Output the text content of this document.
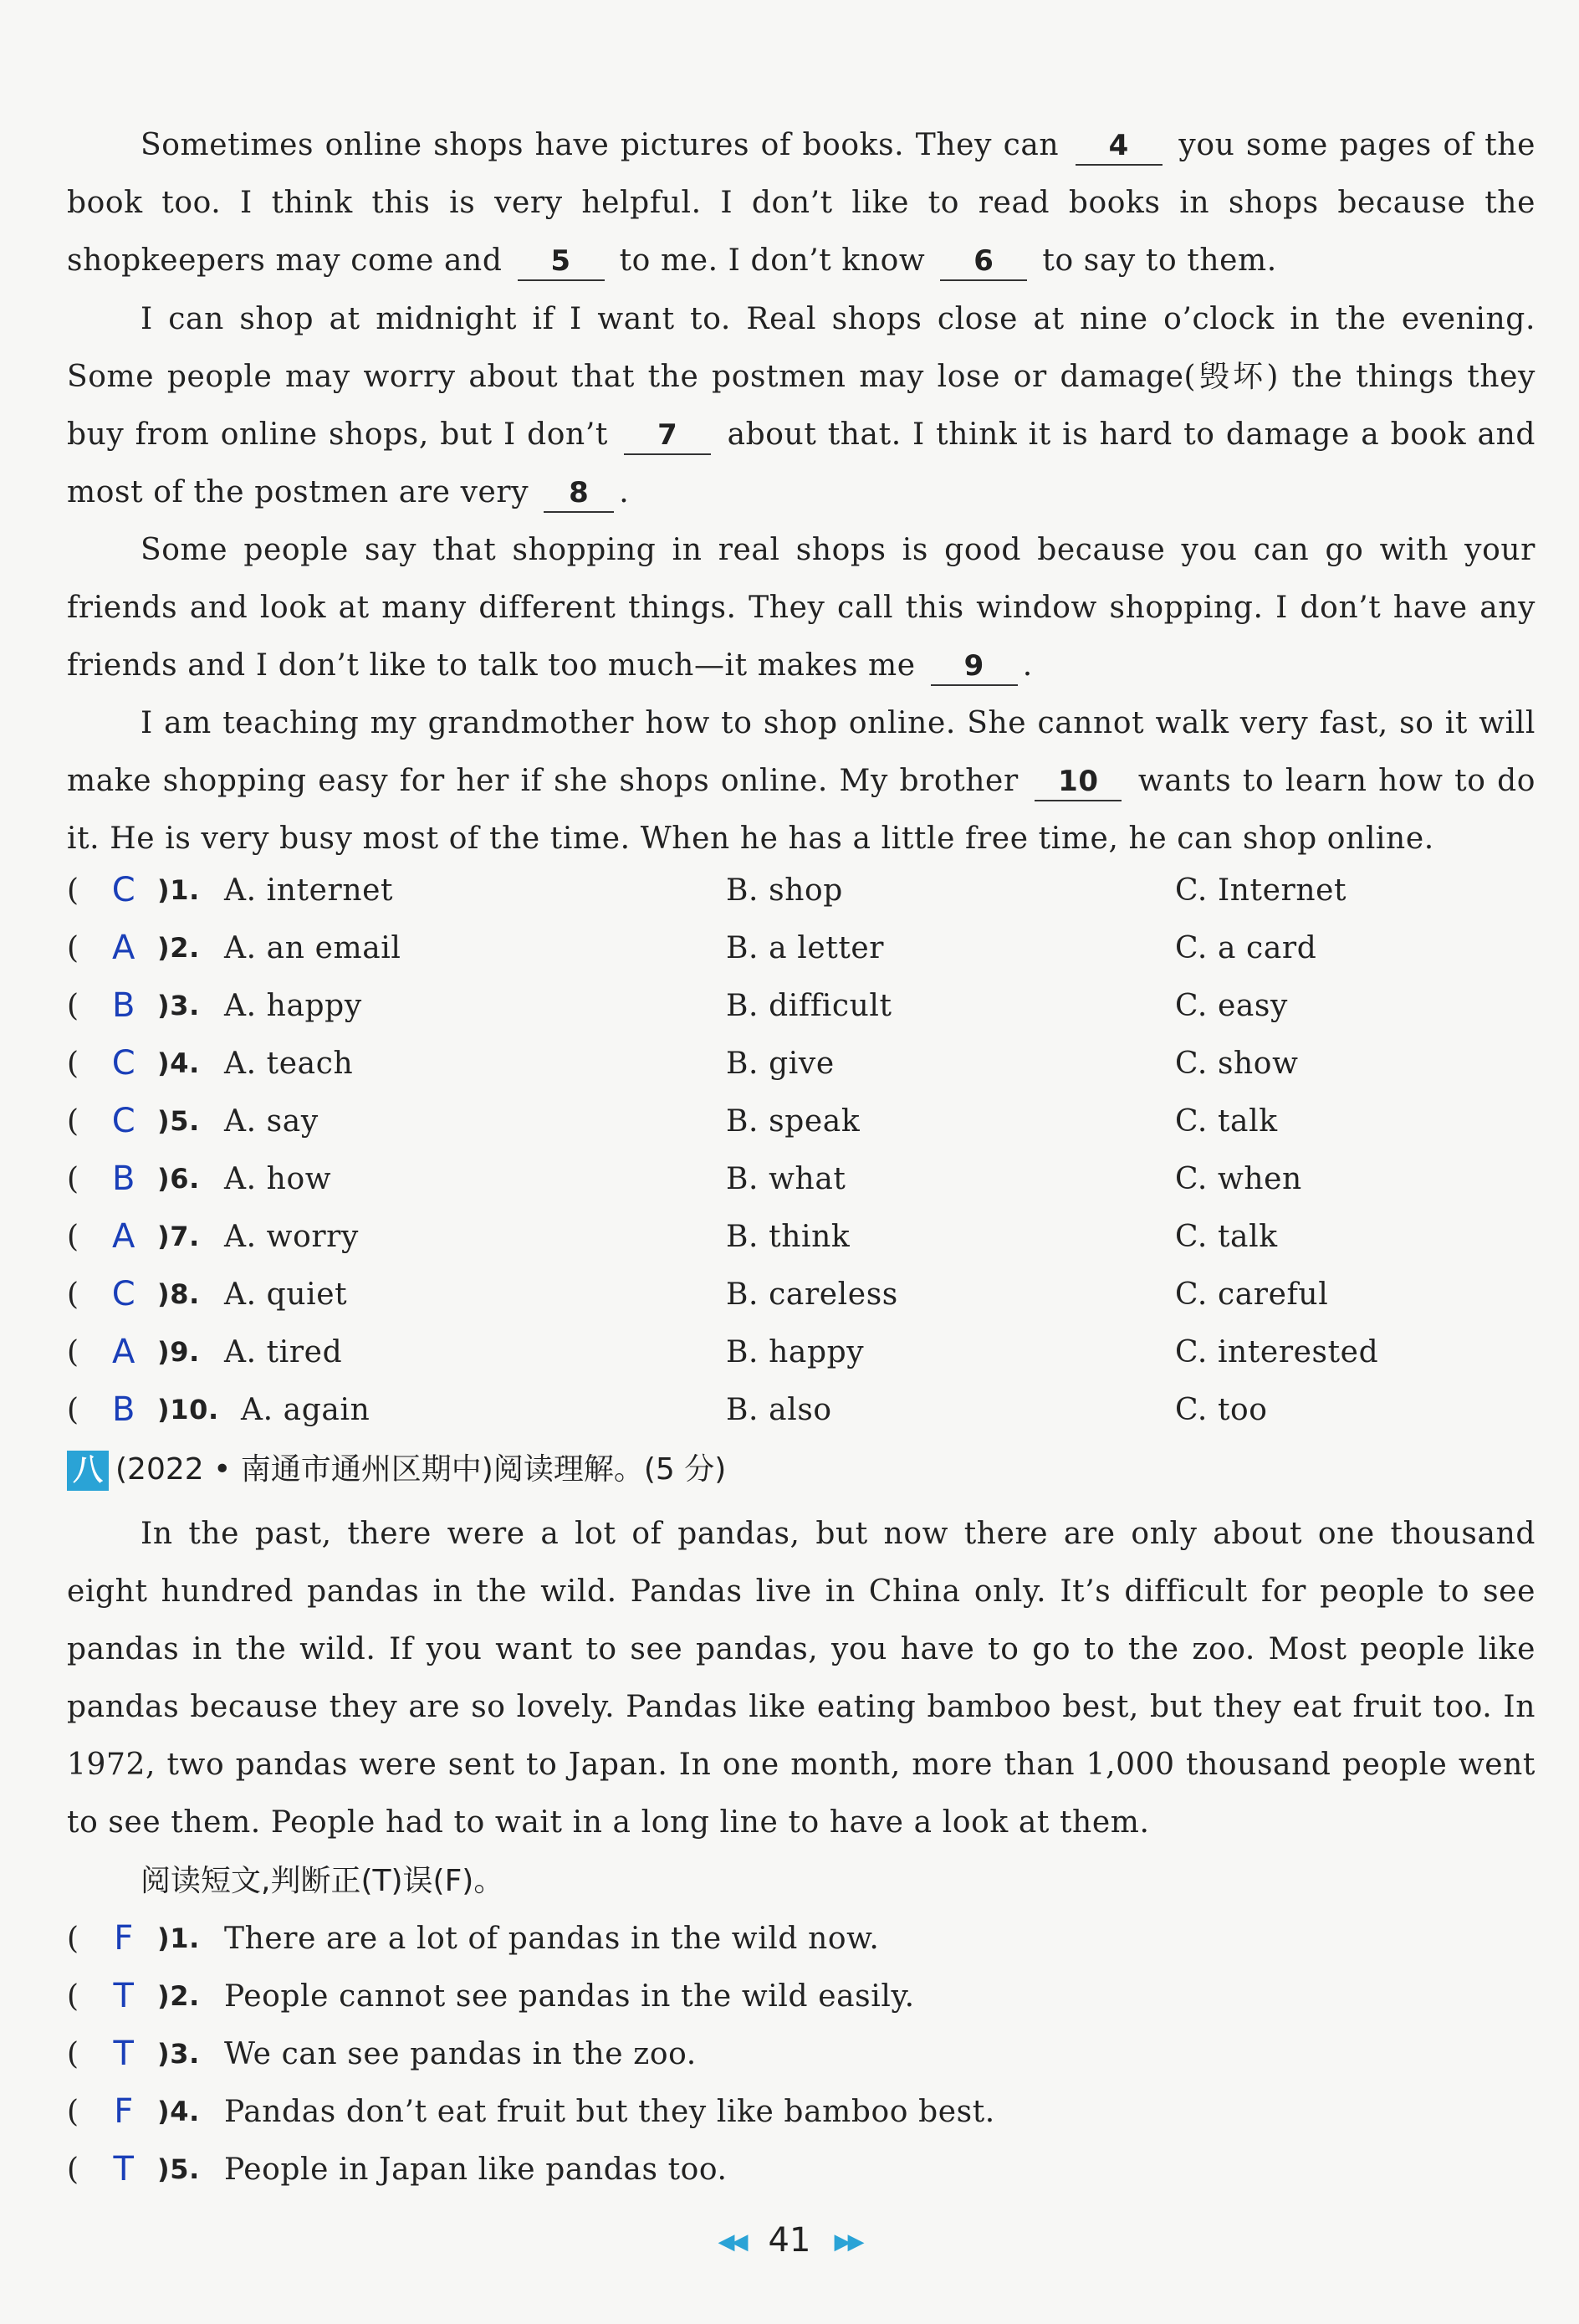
Sometimes online shops have pictures of books. They can 4 you some pages of the book too. I think this is very helpful. I don’t like to read books in shops because the shopkeepers may come and 5 to me. I don’t know 6 to say to them.
I can shop at midnight if I want to. Real shops close at nine o’clock in the evening. Some people may worry about that the postmen may lose or damage(毁坏) the things they buy from online shops, but I don’t 7 about that. I think it is hard to damage a book and most of the postmen are very 8 .
Some people say that shopping in real shops is good because you can go with your friends and look at many different things. They call this window shopping. I don’t have any friends and I don’t like to talk too much—it makes me 9 .
I am teaching my grandmother how to shop online. She cannot walk very fast, so it will make shopping easy for her if she shops online. My brother 10 wants to learn how to do it. He is very busy most of the time. When he has a little free time, he can shop online.
( C )1. A. internet	B. shop	C. Internet
( A )2. A. an email	B. a letter	C. a card
( B )3. A. happy	B. difficult	C. easy
( C )4. A. teach	B. give	C. show
( C )5. A. say	B. speak	C. talk
( B )6. A. how	B. what	C. when
( A )7. A. worry	B. think	C. talk
( C )8. A. quiet	B. careless	C. careful
( A )9. A. tired	B. happy	C. interested
( B )10. A. again	B. also	C. too
八 (2022 • 南通市通州区期中)阅读理解。(5 分)
In the past, there were a lot of pandas, but now there are only about one thousand eight hundred pandas in the wild. Pandas live in China only. It’s difficult for people to see pandas in the wild. If you want to see pandas, you have to go to the zoo. Most people like pandas because they are so lovely. Pandas like eating bamboo best, but they eat fruit too. In 1972, two pandas were sent to Japan. In one month, more than 1,000 thousand people went to see them. People had to wait in a long line to have a look at them.
阅读短文,判断正(T)误(F)。
(	F )1. There are a lot of pandas in the wild now.
(	T )2. People cannot see pandas in the wild easily.
(	T )3. We can see pandas in the zoo.
(	F )4. Pandas don’t eat fruit but they like bamboo best.
(	T )5. People in Japan like pandas too.
◀◀ 41 ▶▶
